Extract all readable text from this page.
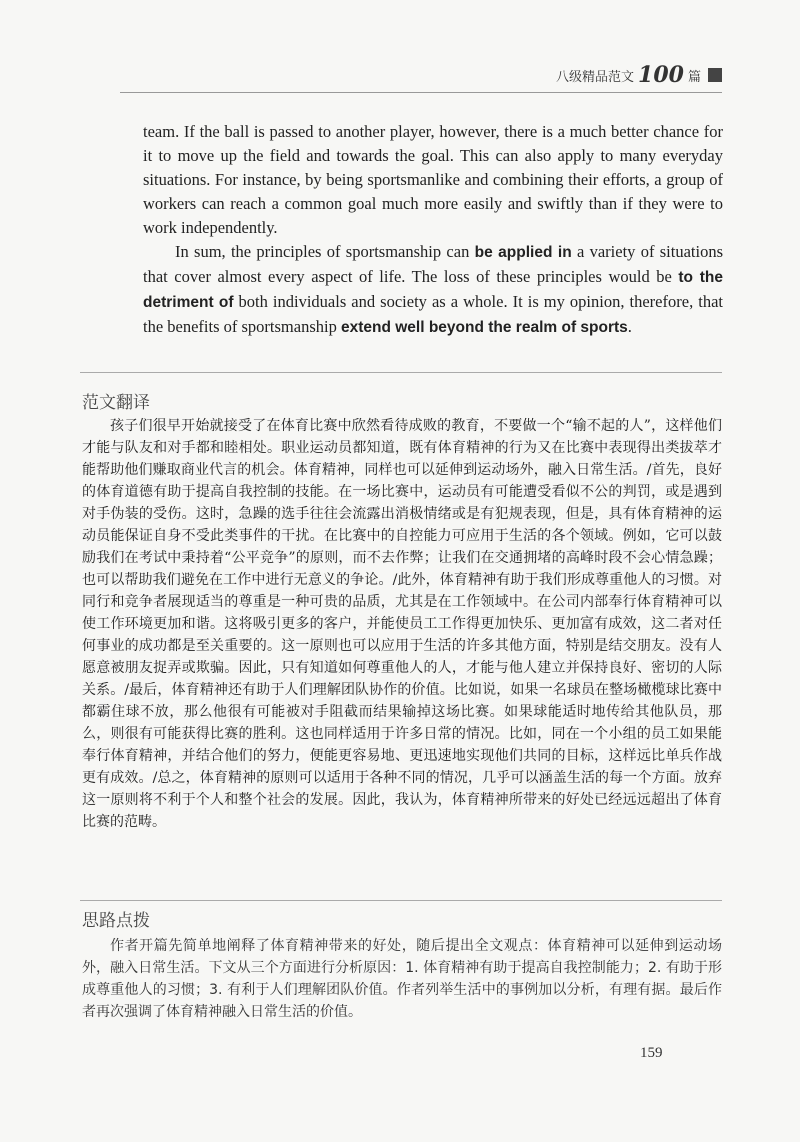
八级精品范文 100 篇

team. If the ball is passed to another player, however, there is a much better chance for it to move up the field and towards the goal. This can also apply to many everyday situations. For instance, by being sportsmanlike and combining their efforts, a group of workers can reach a common goal much more easily and swiftly than if they were to work independently.

In sum, the principles of sportsmanship can be applied in a variety of situations that cover almost every aspect of life. The loss of these principles would be to the detriment of both individuals and society as a whole. It is my opinion, therefore, that the benefits of sportsmanship extend well beyond the realm of sports.

范文翻译
孩子们很早开始就接受了在体育比赛中欣然看待成败的教育，不要做一个“输不起的人”，这样他们才能与队友和对手都和睦相处。职业运动员都知道，既有体育精神的行为又在比赛中表现得出类拔萃才能帮助他们赚取商业代言的机会。体育精神，同样也可以延伸到运动场外，融入日常生活。/首先，良好的体育道德有助于提高自我控制的技能。在一场比赛中，运动员有可能遭受看似不公的判罚，或是遇到对手伪装的受伤。这时，急躁的选手往往会流露出消极情绪或是有犯规表现，但是，具有体育精神的运动员能保证自身不受此类事件的干扰。在比赛中的自控能力可应用于生活的各个领域。例如，它可以鼓励我们在考试中秉持着“公平竞争”的原则，而不去作弊；让我们在交通拥堵的高峰时段不会心情急躁；也可以帮助我们避免在工作中进行无意义的争论。/此外，体育精神有助于我们形成尊重他人的习惯。对同行和竞争者展现适当的尊重是一种可贵的品质，尤其是在工作领域中。在公司内部奉行体育精神可以使工作环境更加和谐。这将吸引更多的客户，并能使员工工作得更加快乐、更加富有成效，这二者对任何事业的成功都是至关重要的。这一原则也可以应用于生活的许多其他方面，特别是结交朋友。没有人愿意被朋友捉弄或欺骗。因此，只有知道如何尊重他人的人，才能与他人建立并保持良好、密切的人际关系。/最后，体育精神还有助于人们理解团队协作的价值。比如说，如果一名球员在整场橄榄球比赛中都霸住球不放，那么他很有可能被对手阻截而结果输掉这场比赛。如果球能适时地传给其他队员，那么，则很有可能获得比赛的胜利。这也同样适用于许多日常的情况。比如，同在一个小组的员工如果能奉行体育精神，并结合他们的努力，便能更容易地、更迅速地实现他们共同的目标，这样远比单兵作战更有成效。/总之，体育精神的原则可以适用于各种不同的情况，几乎可以涵盖生活的每一个方面。放弃这一原则将不利于个人和整个社会的发展。因此，我认为，体育精神所带来的好处已经远远超出了体育比赛的范畴。
思路点拨
作者开篇先简单地阐释了体育精神带来的好处，随后提出全文观点：体育精神可以延伸到运动场外，融入日常生活。下文从三个方面进行分析原因：1. 体育精神有助于提高自我控制能力；2. 有助于形成尊重他人的习惯；3. 有利于人们理解团队价值。作者列举生活中的事例加以分析，有理有据。最后作者再次强调了体育精神融入日常生活的价值。
159
